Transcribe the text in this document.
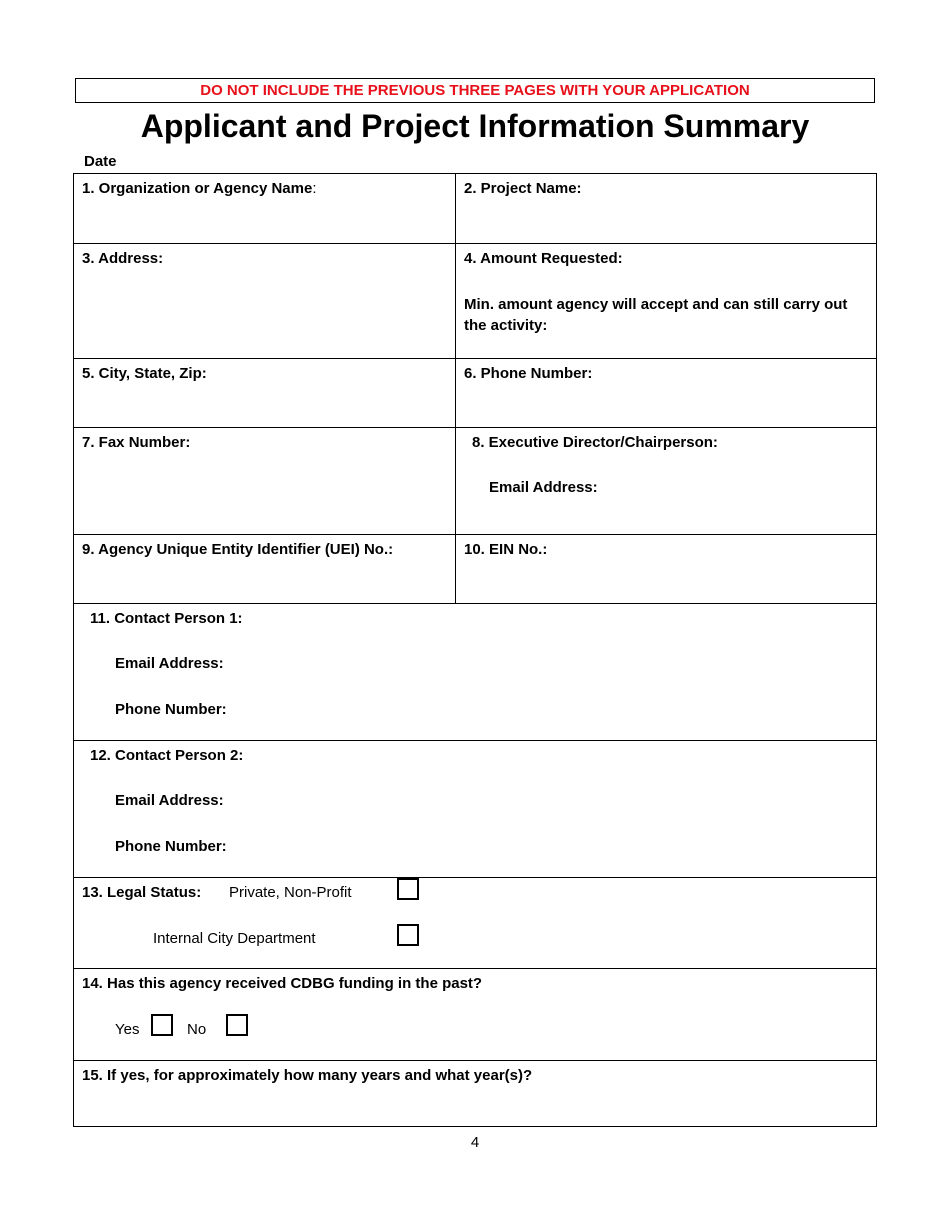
DO NOT INCLUDE THE PREVIOUS THREE PAGES WITH YOUR APPLICATION
Applicant and Project Information Summary
Date
1. Organization or Agency Name:	2. Project Name:
3. Address:	4. Amount Requested:
Min. amount agency will accept and can still carry out the activity:
5. City, State, Zip:	6. Phone Number:
7. Fax Number:	8. Executive Director/Chairperson:
Email Address:
9. Agency Unique Entity Identifier (UEI) No.:	10. EIN No.:
11. Contact Person 1:
Email Address:
Phone Number:
12. Contact Person 2:
Email Address:
Phone Number:
13. Legal Status: Private, Non-Profit
Internal City Department
14. Has this agency received CDBG funding in the past?
Yes	No
15. If yes, for approximately how many years and what year(s)?
4
